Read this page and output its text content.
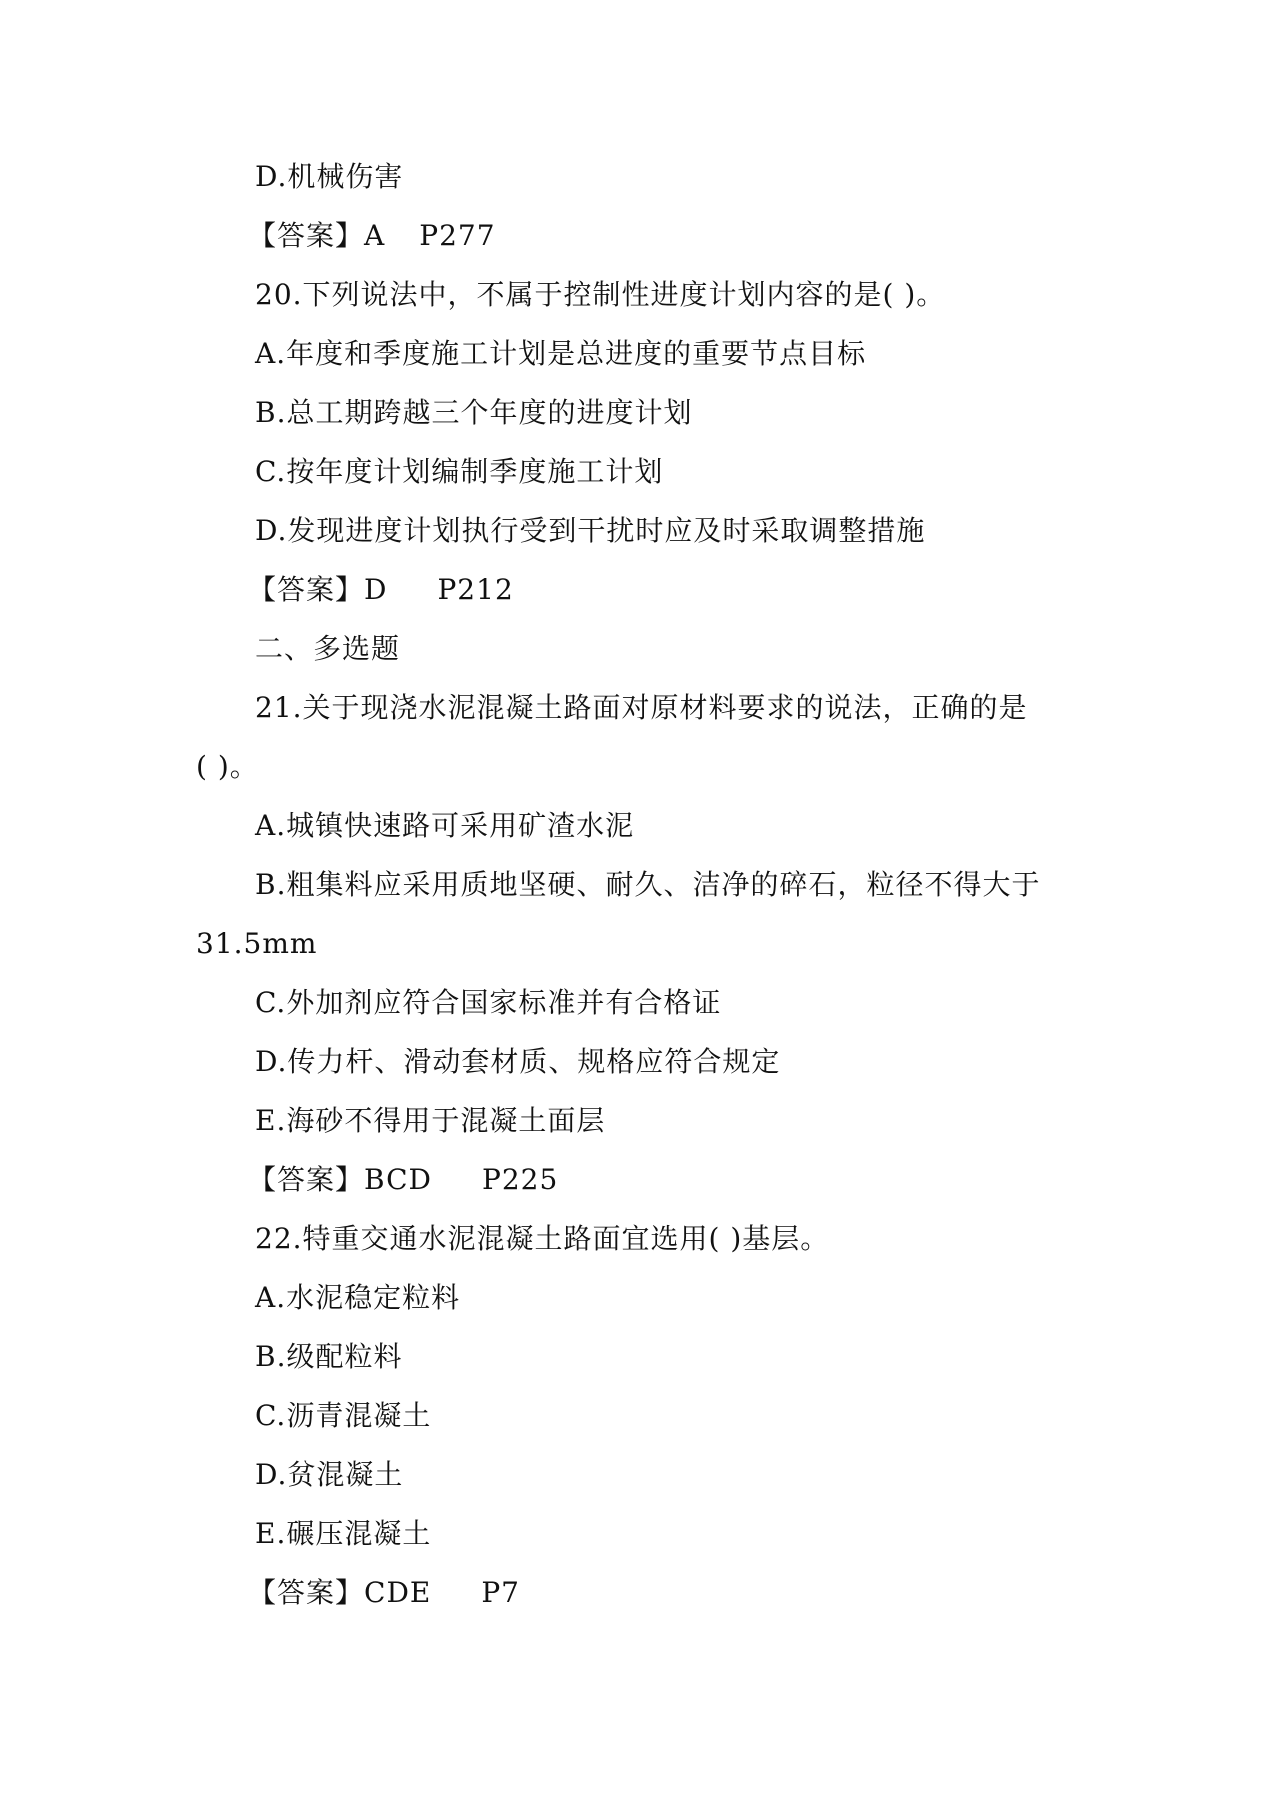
D.机械伤害
【答案】A P277
20.下列说法中，不属于控制性进度计划内容的是( )。
A.年度和季度施工计划是总进度的重要节点目标
B.总工期跨越三个年度的进度计划
C.按年度计划编制季度施工计划
D.发现进度计划执行受到干扰时应及时采取调整措施
【答案】D P212
二、多选题
21.关于现浇水泥混凝土路面对原材料要求的说法，正确的是
( )。
A.城镇快速路可采用矿渣水泥
B.粗集料应采用质地坚硬、耐久、洁净的碎石，粒径不得大于
31.5mm
C.外加剂应符合国家标准并有合格证
D.传力杆、滑动套材质、规格应符合规定
E.海砂不得用于混凝土面层
【答案】BCD P225
22.特重交通水泥混凝土路面宜选用( )基层。
A.水泥稳定粒料
B.级配粒料
C.沥青混凝土
D.贫混凝土
E.碾压混凝土
【答案】CDE P7
